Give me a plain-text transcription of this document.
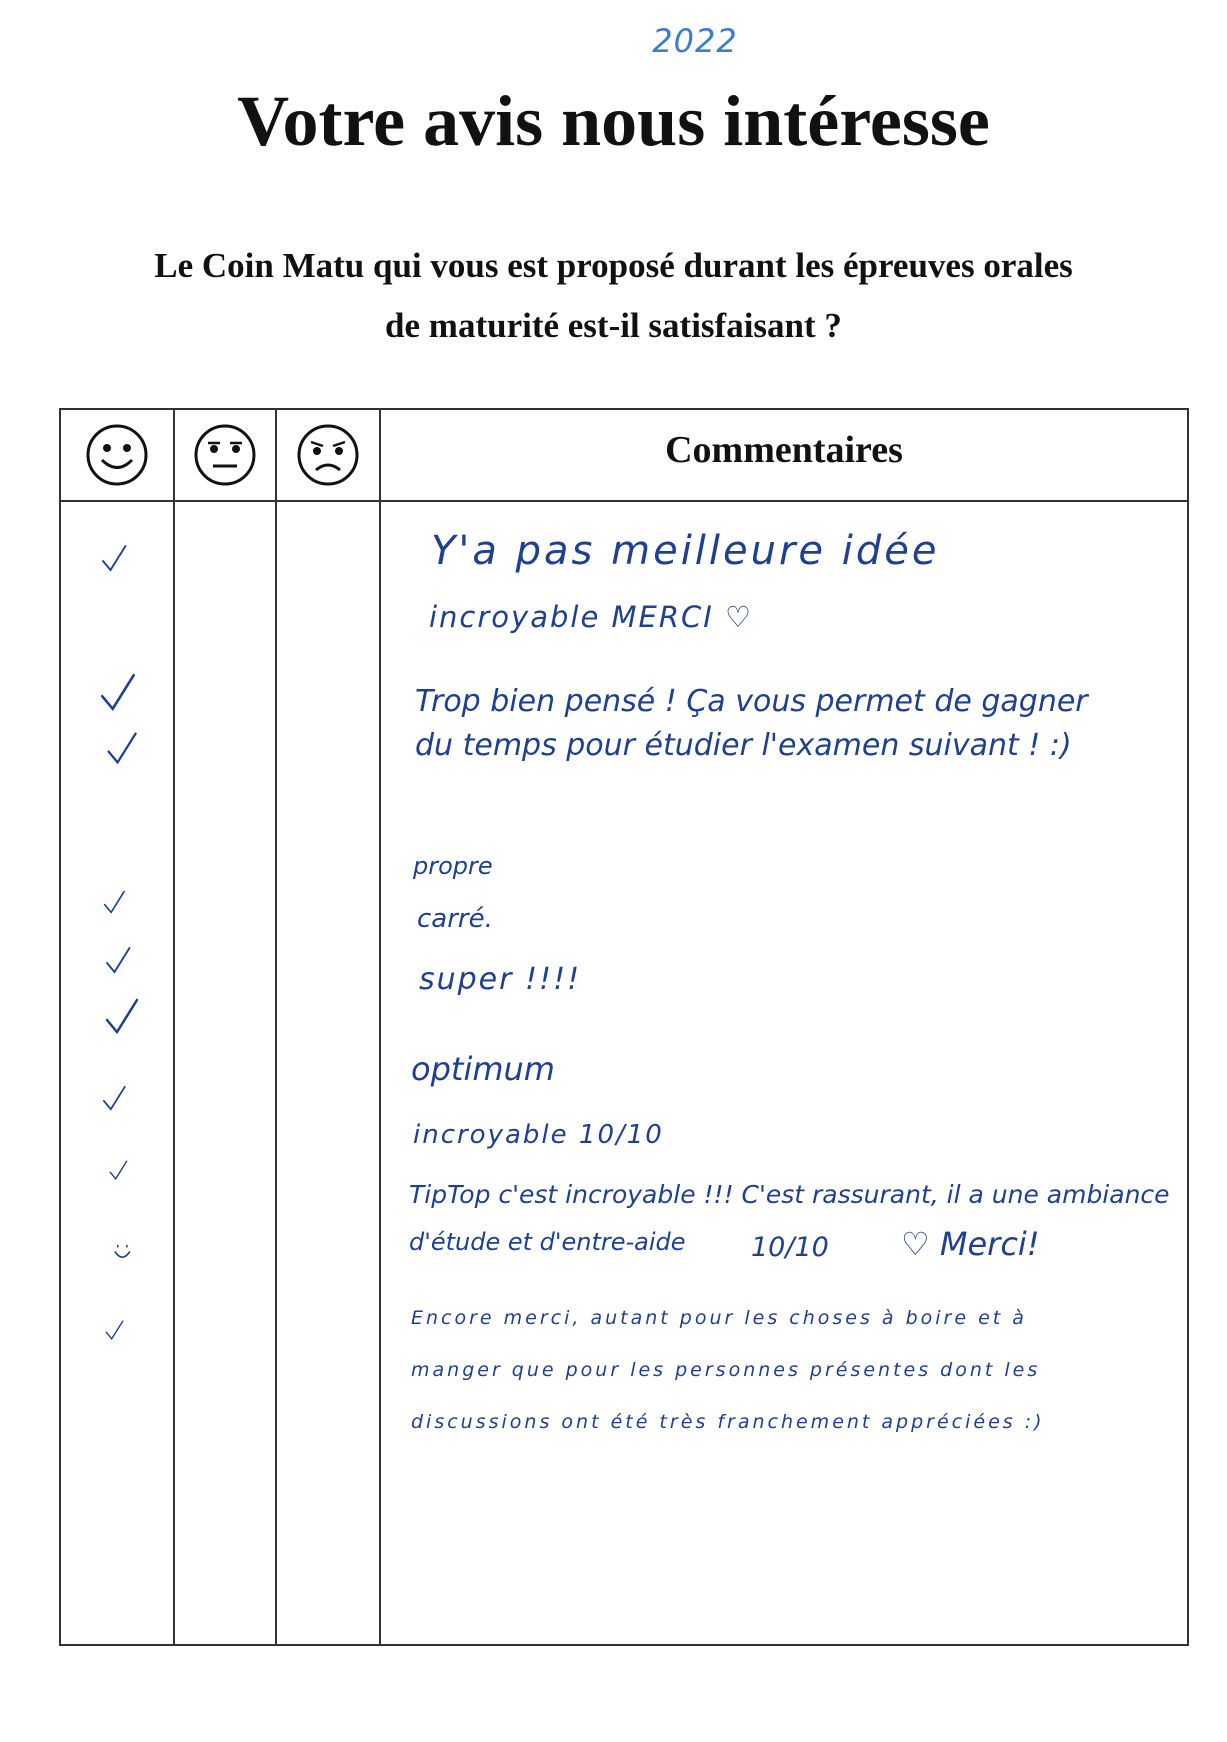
2022
Votre avis nous intéresse
Le Coin Matu qui vous est proposé durant les épreuves orales
de maturité est-il satisfaisant ?
Commentaires
Y'a pas meilleure idée
incroyable MERCI ♡
Trop bien pensé ! Ça vous permet de gagner du temps pour étudier l'examen suivant ! :)
propre
carré.
super !!!!
optimum
incroyable 10/10
TipTop c'est incroyable !!! C'est rassurant, il a une ambiance
d'étude et d'entre-aide 10/10 ♡ Merci!
Encore merci, autant pour les choses à boire et à manger que pour les personnes présentes dont les discussions ont été très franchement appréciées :)
